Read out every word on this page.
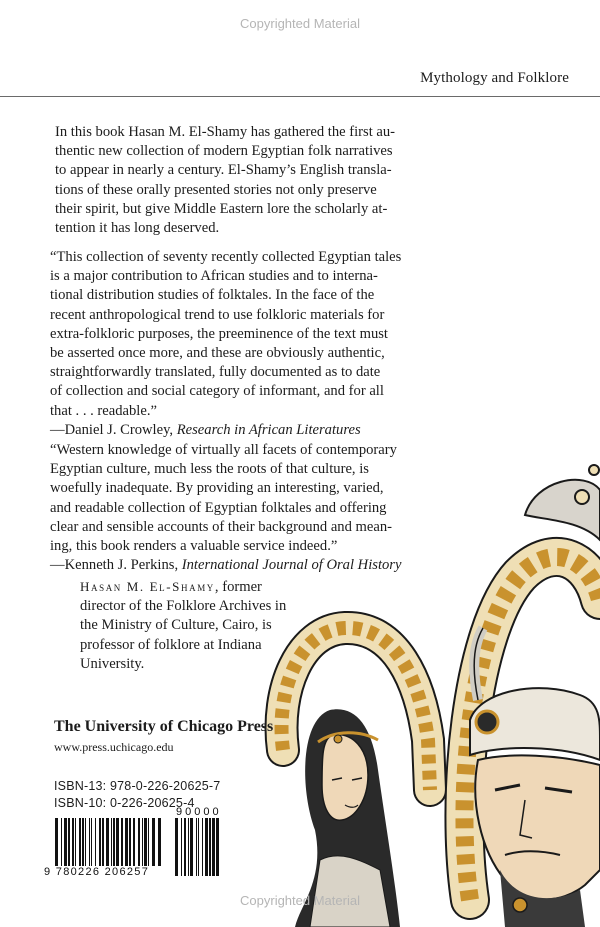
Copyrighted Material
Mythology and Folklore
In this book Hasan M. El-Shamy has gathered the first au-
thentic new collection of modern Egyptian folk narratives
to appear in nearly a century. El-Shamy’s English transla-
tions of these orally presented stories not only preserve
their spirit, but give Middle Eastern lore the scholarly at-
tention it has long deserved.
“This collection of seventy recently collected Egyptian tales
is a major contribution to African studies and to interna-
tional distribution studies of folktales. In the face of the
recent anthropological trend to use folkloric materials for
extra-folkloric purposes, the preeminence of the text must
be asserted once more, and these are obviously authentic,
straightforwardly translated, fully documented as to date
of collection and social category of informant, and for all
that . . . readable.”
—Daniel J. Crowley, Research in African Literatures
“Western knowledge of virtually all facets of contemporary
Egyptian culture, much less the roots of that culture, is
woefully inadequate. By providing an interesting, varied,
and readable collection of Egyptian folktales and offering
clear and sensible accounts of their background and mean-
ing, this book renders a valuable service indeed.”
—Kenneth J. Perkins, International Journal of Oral History
Hasan M. El-Shamy, former
director of the Folklore Archives in
the Ministry of Culture, Cairo, is
professor of folklore at Indiana
University.
The University of Chicago Press
www.press.uchicago.edu
ISBN-13: 978-0-226-20625-7
ISBN-10: 0-226-20625-4
90000
9 780226 206257
Copyrighted Material
